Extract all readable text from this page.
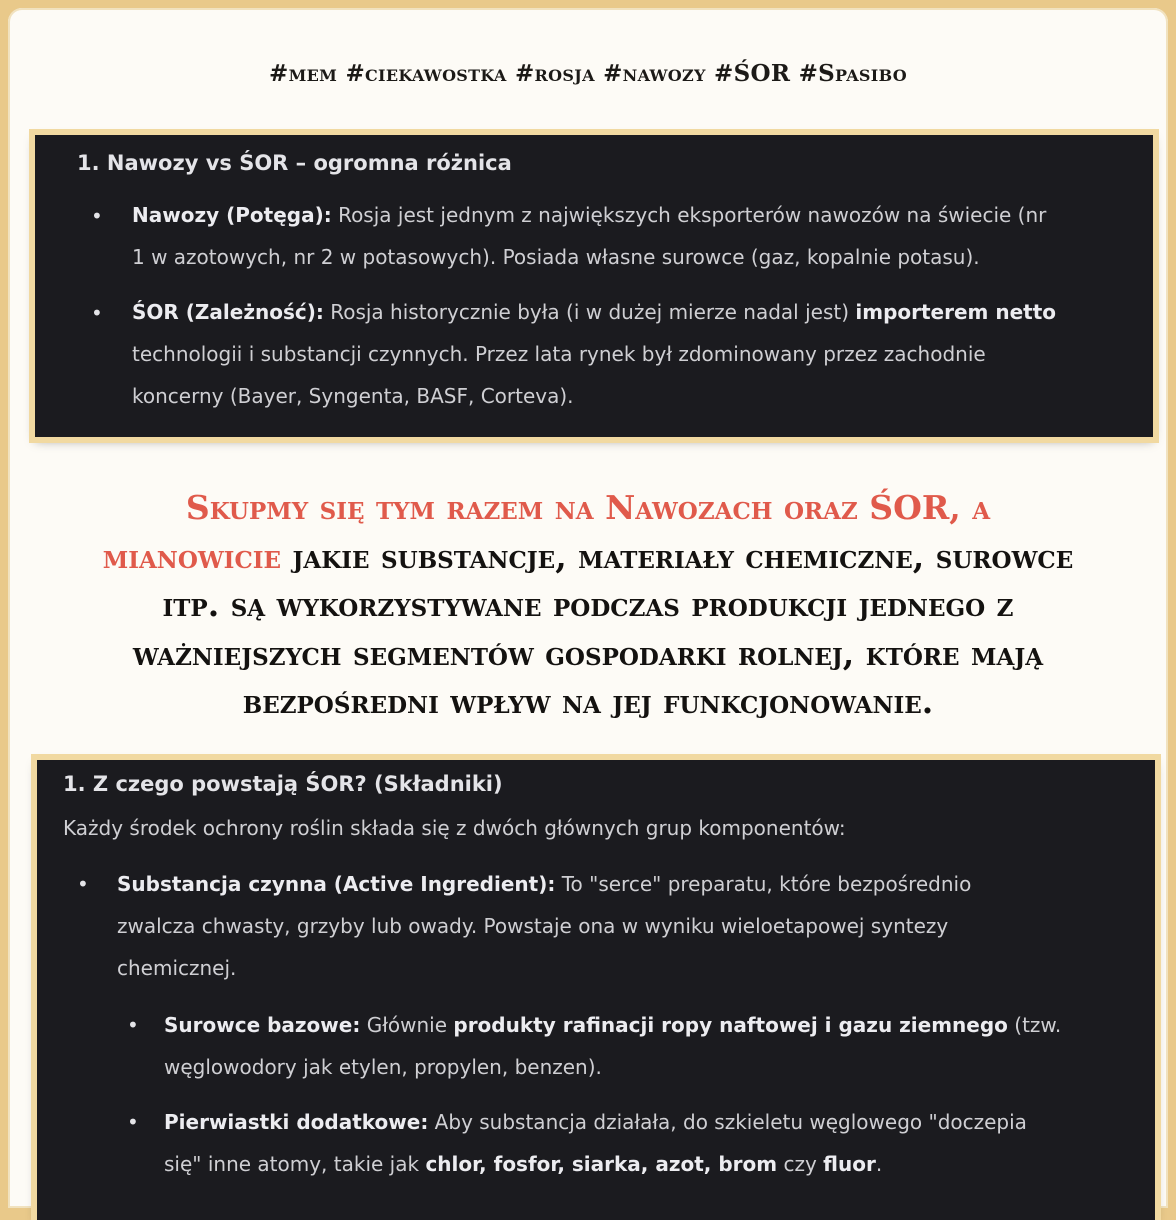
#mem #ciekawostka #rosja #nawozy #ŚOR #Spasibo
1. Nawozy vs ŚOR – ogromna różnica
• Nawozy (Potęga): Rosja jest jednym z największych eksporterów nawozów na świecie (nr
1 w azotowych, nr 2 w potasowych). Posiada własne surowce (gaz, kopalnie potasu).
• ŚOR (Zależność): Rosja historycznie była (i w dużej mierze nadal jest) importerem netto
technologii i substancji czynnych. Przez lata rynek był zdominowany przez zachodnie
koncerny (Bayer, Syngenta, BASF, Corteva).
Skupmy się tym razem na Nawozach oraz ŚOR, a
mianowicie jakie substancje, materiały chemiczne, surowce
itp. są wykorzystywane podczas produkcji jednego z
ważniejszych segmentów gospodarki rolnej, które mają
bezpośredni wpływ na jej funkcjonowanie.
1. Z czego powstają ŚOR? (Składniki)
Każdy środek ochrony roślin składa się z dwóch głównych grup komponentów:
• Substancja czynna (Active Ingredient): To "serce" preparatu, które bezpośrednio
zwalcza chwasty, grzyby lub owady. Powstaje ona w wyniku wieloetapowej syntezy
chemicznej.
• Surowce bazowe: Głównie produkty rafinacji ropy naftowej i gazu ziemnego (tzw.
węglowodory jak etylen, propylen, benzen).
• Pierwiastki dodatkowe: Aby substancja działała, do szkieletu węglowego "doczepia
się" inne atomy, takie jak chlor, fosfor, siarka, azot, brom czy fluor.
